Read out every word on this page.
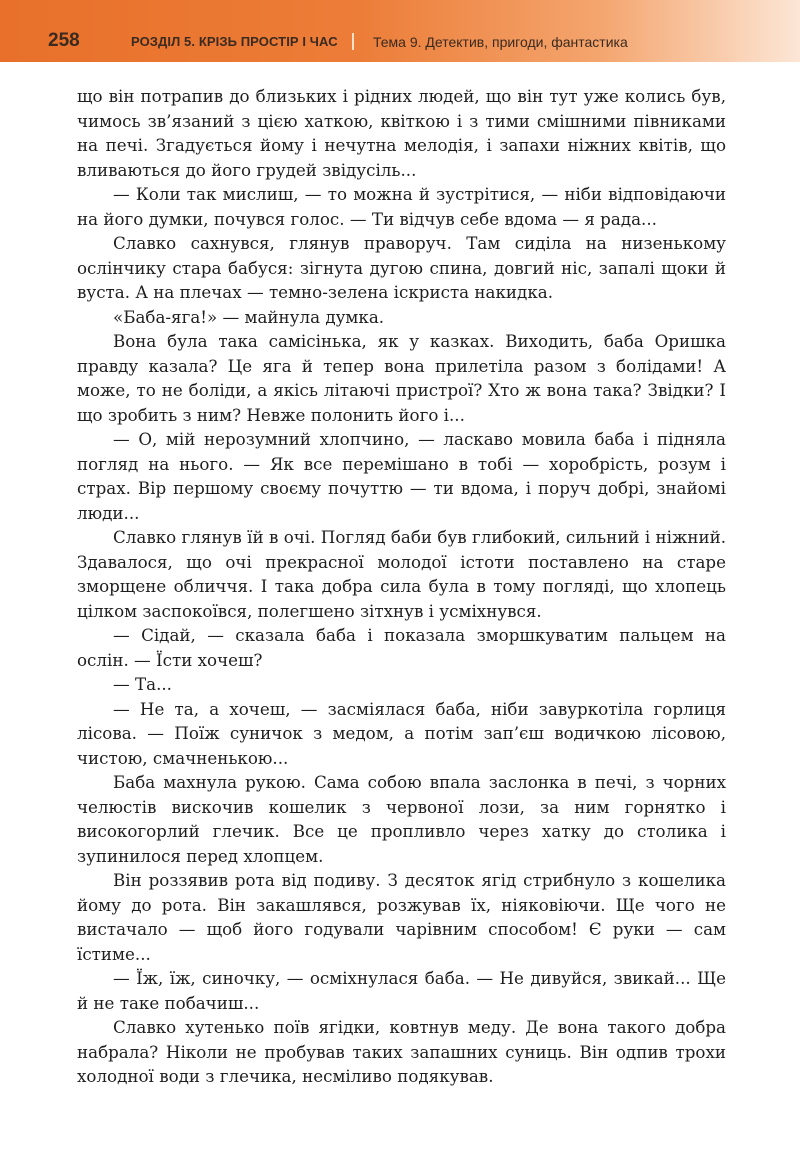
258	РОЗДІЛ 5. КРІЗЬ ПРОСТІР І ЧАС	Тема 9. Детектив, пригоди, фантастика

що він потрапив до близьких і рідних людей, що він тут уже колись був, чимось зв’язаний з цією хаткою, квіткою і з тими смішними півниками на печі. Згадується йому і нечутна мелодія, і запахи ніжних квітів, що вливаються до його грудей звідусіль...

— Коли так мислиш, — то можна й зустрітися, — ніби відповідаючи на його думки, почувся голос. — Ти відчув себе вдома — я рада...

Славко сахнувся, глянув праворуч. Там сиділа на низенькому ослінчику стара бабуся: зігнута дугою спина, довгий ніс, запалі щоки й вуста. А на плечах — темно-зелена іскриста накидка.

«Баба-яга!» — майнула думка.

Вона була така самісінька, як у казках. Виходить, баба Оришка правду казала? Це яга й тепер вона прилетіла разом з болідами! А може, то не боліди, а якісь літаючі пристрої? Хто ж вона така? Звідки? І що зробить з ним? Невже полонить його і...

— О, мій нерозумний хлопчино, — ласкаво мовила баба і підняла погляд на нього. — Як все перемішано в тобі — хоробрість, розум і страх. Вір першому своєму почуттю — ти вдома, і поруч добрі, знайомі люди...

Славко глянув їй в очі. Погляд баби був глибокий, сильний і ніжний. Здавалося, що очі прекрасної молодої істоти поставлено на старе зморщене обличчя. І така добра сила була в тому погляді, що хлопець цілком заспокоївся, полегшено зітхнув і усміхнувся.

— Сідай, — сказала баба і показала зморшкуватим пальцем на ослін. — Їсти хочеш?

— Та...

— Не та, а хочеш, — засміялася баба, ніби завуркотіла горлиця лісова. — Поїж суничок з медом, а потім зап’єш водичкою лісовою, чистою, смачненькою...

Баба махнула рукою. Сама собою впала заслонка в печі, з чорних челюстів вискочив кошелик з червоної лози, за ним горнятко і високогорлий глечик. Все це пропливло через хатку до столика і зупинилося перед хлопцем.

Він роззявив рота від подиву. З десяток ягід стрибнуло з кошелика йому до рота. Він закашлявся, розжував їх, ніяковіючи. Ще чого не вистачало — щоб його годували чарівним способом! Є руки — сам їстиме...

— Їж, їж, синочку, — осміхнулася баба. — Не дивуйся, звикай... Ще й не таке побачиш...

Славко хутенько поїв ягідки, ковтнув меду. Де вона такого добра набрала? Ніколи не пробував таких запашних суниць. Він одпив трохи холодної води з глечика, несміливо подякував.
